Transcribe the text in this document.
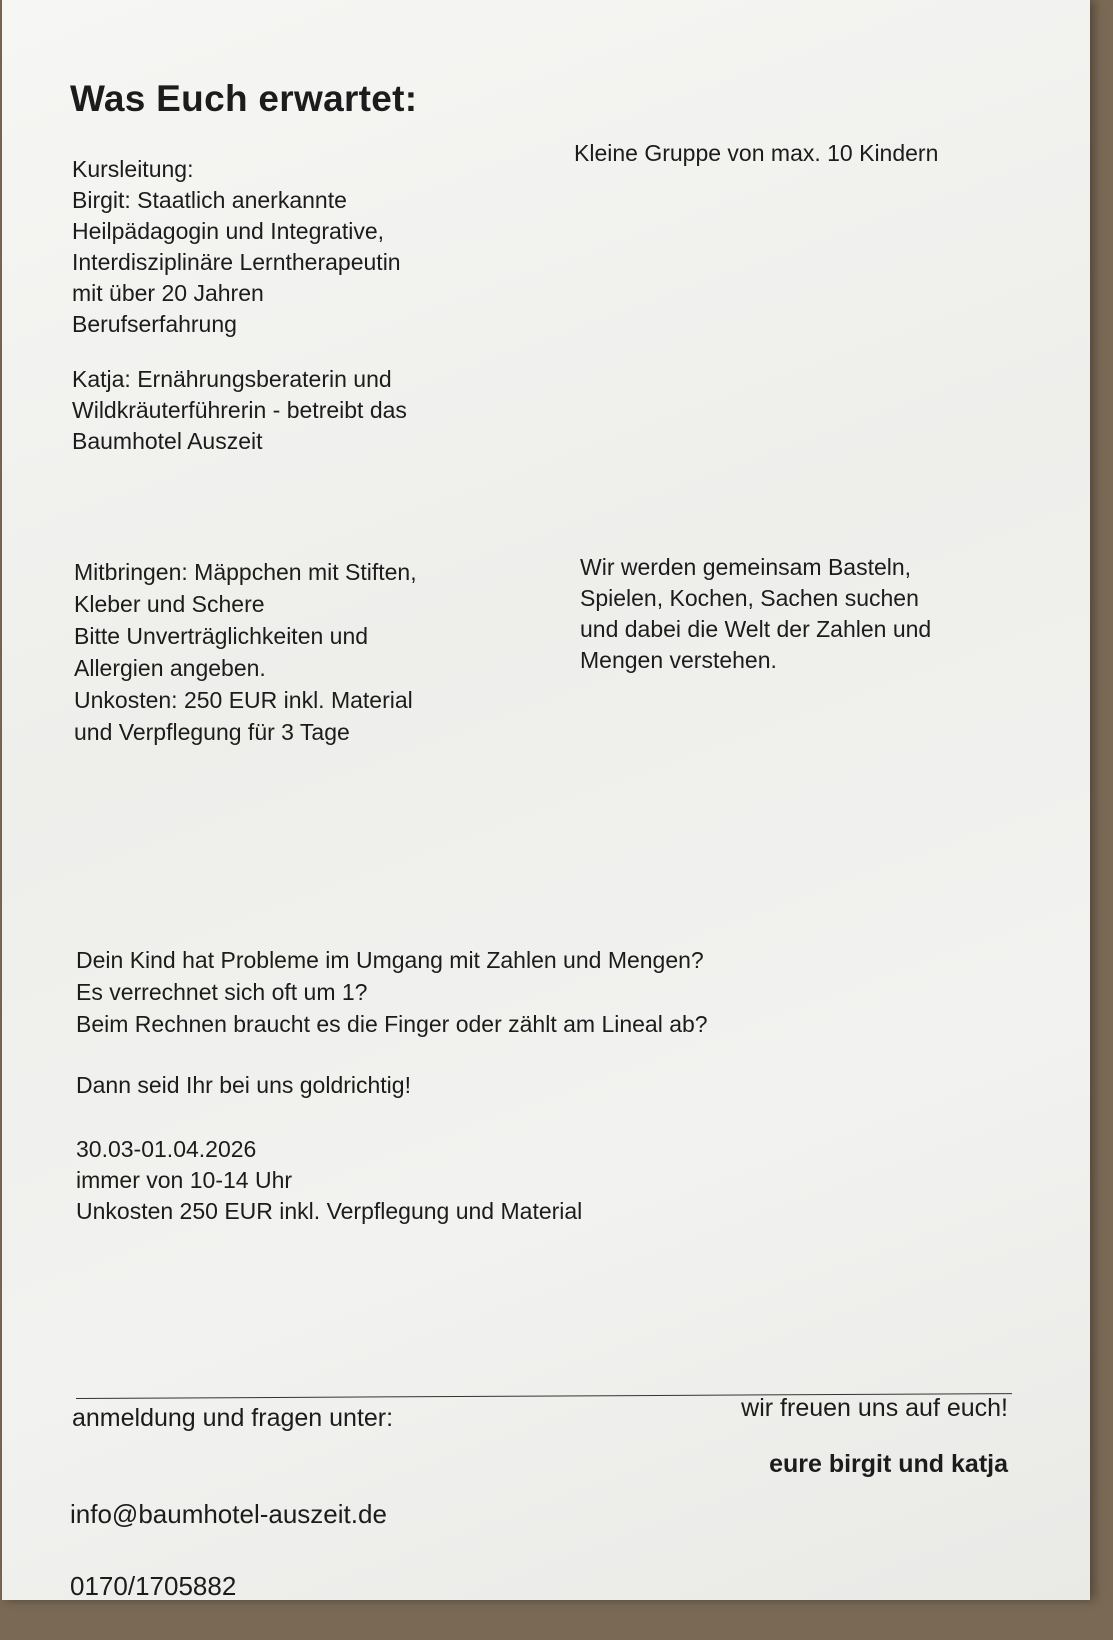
Was Euch erwartet:

Kursleitung:
Birgit: Staatlich anerkannte
Heilpädagogin und Integrative,
Interdisziplinäre Lerntherapeutin
mit über 20 Jahren
Berufserfahrung

Kleine Gruppe von max. 10 Kindern

Katja: Ernährungsberaterin und
Wildkräuterführerin - betreibt das
Baumhotel Auszeit

Mitbringen: Mäppchen mit Stiften,
Kleber und Schere
Bitte Unverträglichkeiten und
Allergien angeben.
Unkosten: 250 EUR inkl. Material
und Verpflegung für 3 Tage

Wir werden gemeinsam Basteln,
Spielen, Kochen, Sachen suchen
und dabei die Welt der Zahlen und
Mengen verstehen.

Dein Kind hat Probleme im Umgang mit Zahlen und Mengen?
Es verrechnet sich oft um 1?
Beim Rechnen braucht es die Finger oder zählt am Lineal ab?

Dann seid Ihr bei uns goldrichtig!

30.03-01.04.2026
immer von 10-14 Uhr
Unkosten 250 EUR inkl. Verpflegung und Material

anmeldung und fragen unter:

info@baumhotel-auszeit.de

0170/1705882

wir freuen uns auf euch!

eure birgit und katja
